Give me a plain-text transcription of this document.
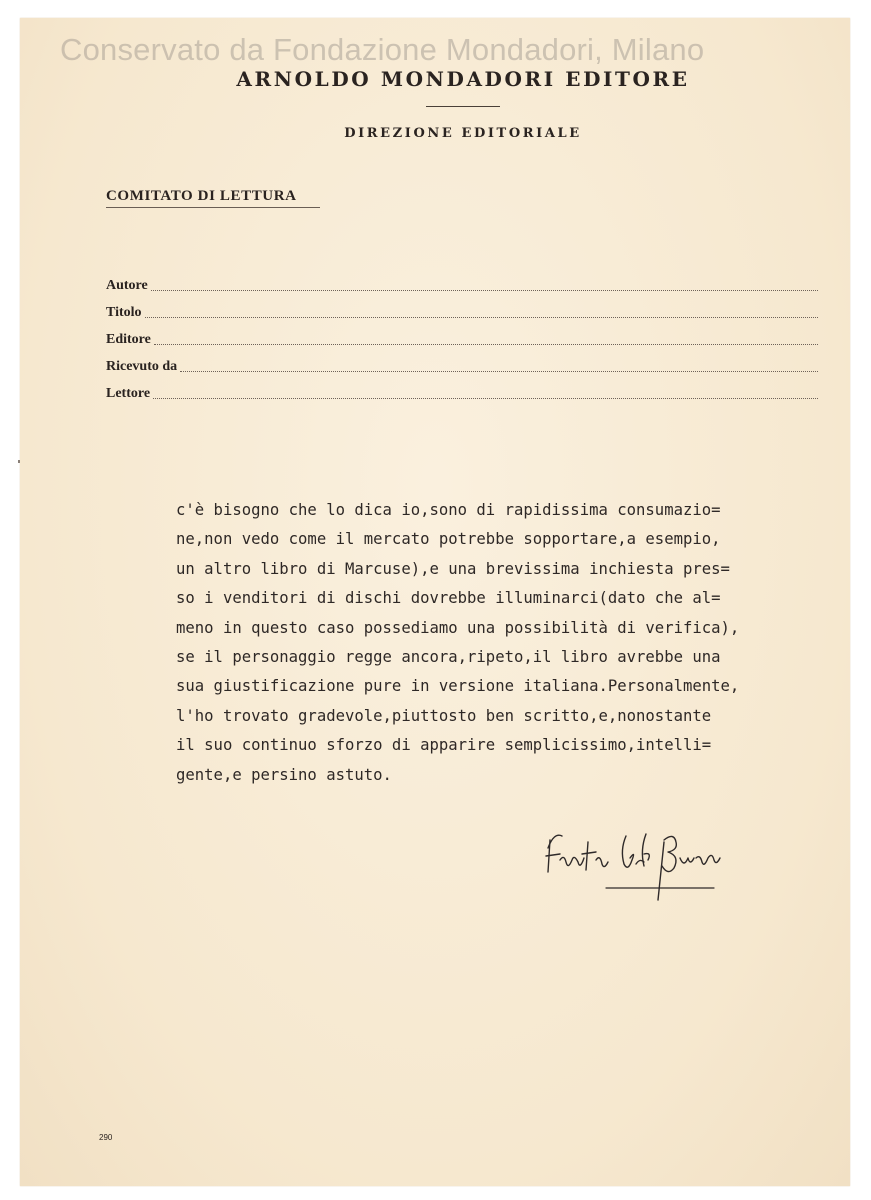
Conservato da Fondazione Mondadori, Milano
ARNOLDO MONDADORI EDITORE
DIREZIONE EDITORIALE
COMITATO DI LETTURA
Autore
Titolo
Editore
Ricevuto da
Lettore
c'è bisogno che lo dica io,sono di rapidissima consumazio=
ne,non vedo come il mercato potrebbe sopportare,a esempio,
un altro libro di Marcuse),e una brevissima inchiesta pres=
so i venditori di dischi dovrebbe illuminarci(dato che al=
meno in questo caso possediamo una possibilità di verifica),
se il personaggio regge ancora,ripeto,il libro avrebbe una
sua giustificazione pure in versione italiana.Personalmente,
l'ho trovato gradevole,piuttosto ben scritto,e,nonostante
il suo continuo sforzo di apparire semplicissimo,intelli=
gente,e persino astuto.
290
